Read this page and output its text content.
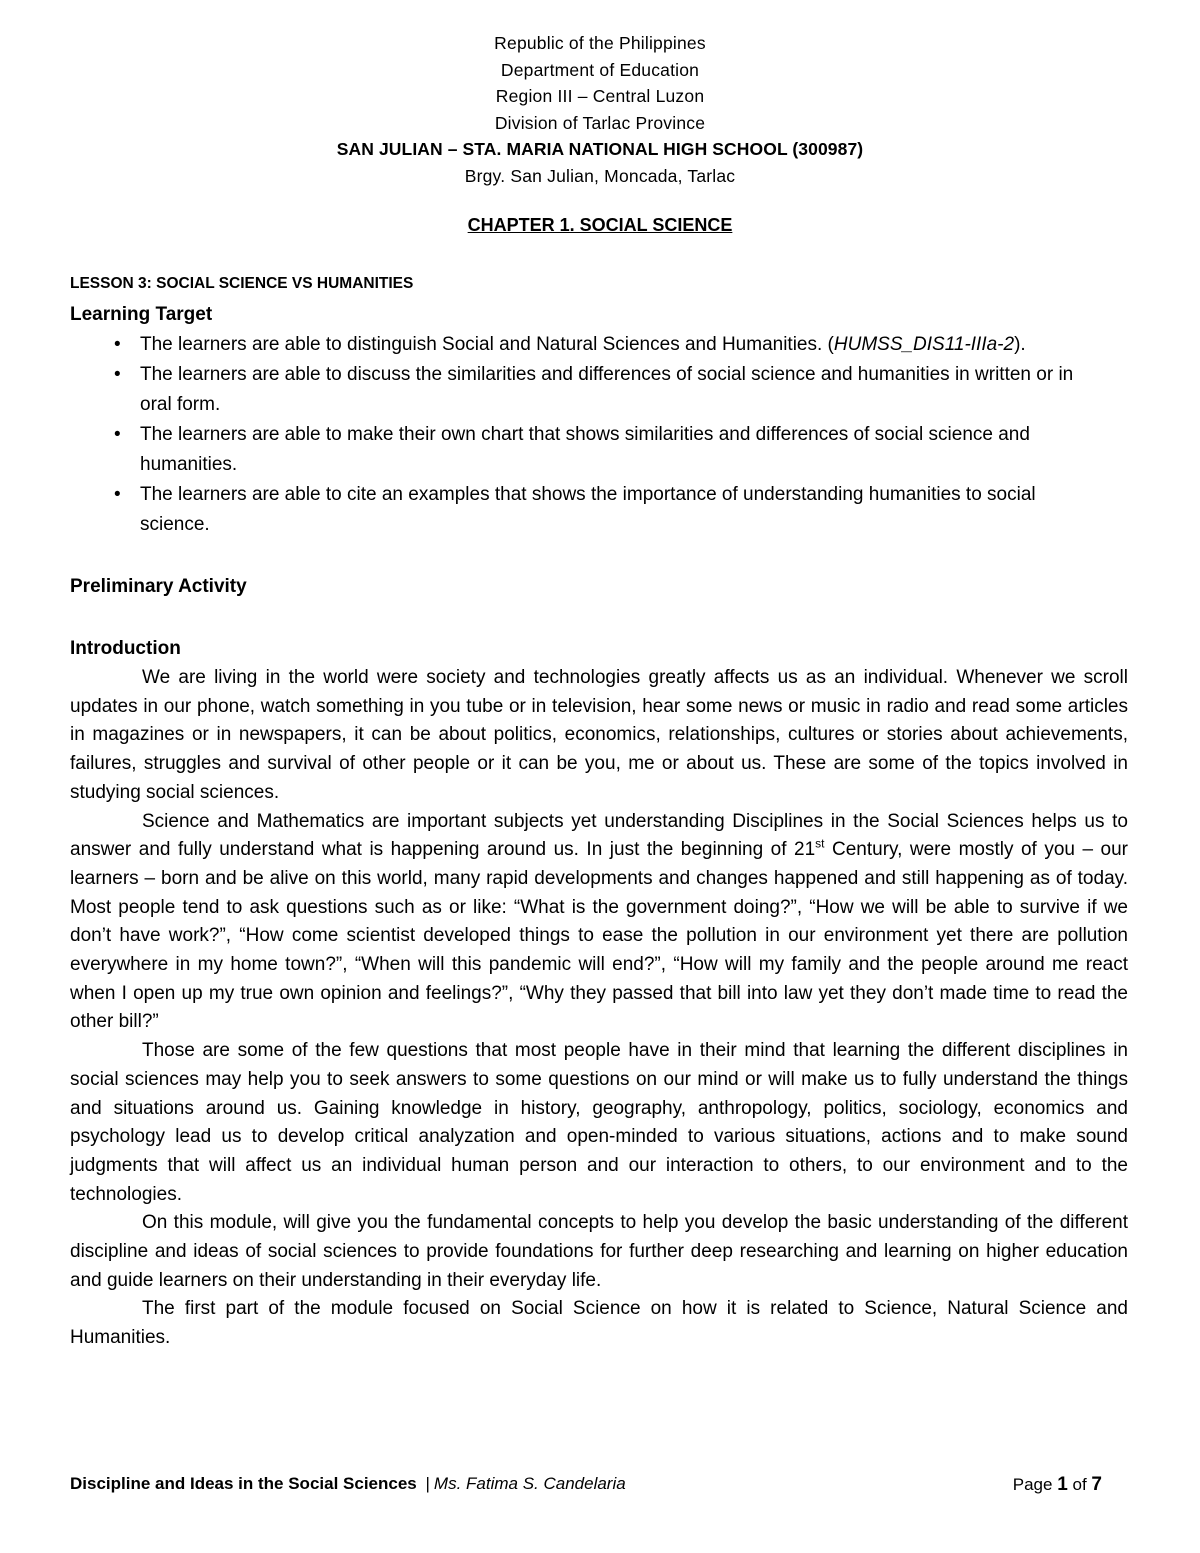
Republic of the Philippines
Department of Education
Region III – Central Luzon
Division of Tarlac Province
SAN JULIAN – STA. MARIA NATIONAL HIGH SCHOOL (300987)
Brgy. San Julian, Moncada, Tarlac
CHAPTER 1. SOCIAL SCIENCE
LESSON 3: SOCIAL SCIENCE VS HUMANITIES
Learning Target
• The learners are able to distinguish Social and Natural Sciences and Humanities. (HUMSS_DIS11-IIIa-2).
• The learners are able to discuss the similarities and differences of social science and humanities in written or in oral form.
• The learners are able to make their own chart that shows similarities and differences of social science and humanities.
• The learners are able to cite an examples that shows the importance of understanding humanities to social science.
Preliminary Activity
Introduction

We are living in the world were society and technologies greatly affects us as an individual. Whenever we scroll updates in our phone, watch something in you tube or in television, hear some news or music in radio and read some articles in magazines or in newspapers, it can be about politics, economics, relationships, cultures or stories about achievements, failures, struggles and survival of other people or it can be you, me or about us. These are some of the topics involved in studying social sciences.

Science and Mathematics are important subjects yet understanding Disciplines in the Social Sciences helps us to answer and fully understand what is happening around us. In just the beginning of 21st Century, were mostly of you – our learners – born and be alive on this world, many rapid developments and changes happened and still happening as of today. Most people tend to ask questions such as or like: “What is the government doing?”, “How we will be able to survive if we don’t have work?”, “How come scientist developed things to ease the pollution in our environment yet there are pollution everywhere in my home town?”, “When will this pandemic will end?”, “How will my family and the people around me react when I open up my true own opinion and feelings?”, “Why they passed that bill into law yet they don’t made time to read the other bill?”

Those are some of the few questions that most people have in their mind that learning the different disciplines in social sciences may help you to seek answers to some questions on our mind or will make us to fully understand the things and situations around us. Gaining knowledge in history, geography, anthropology, politics, sociology, economics and psychology lead us to develop critical analyzation and open-minded to various situations, actions and to make sound judgments that will affect us an individual human person and our interaction to others, to our environment and to the technologies.

On this module, will give you the fundamental concepts to help you develop the basic understanding of the different discipline and ideas of social sciences to provide foundations for further deep researching and learning on higher education and guide learners on their understanding in their everyday life.

The first part of the module focused on Social Science on how it is related to Science, Natural Science and Humanities.

Discipline and Ideas in the Social Sciences | Ms. Fatima S. Candelaria	Page 1 of 7
